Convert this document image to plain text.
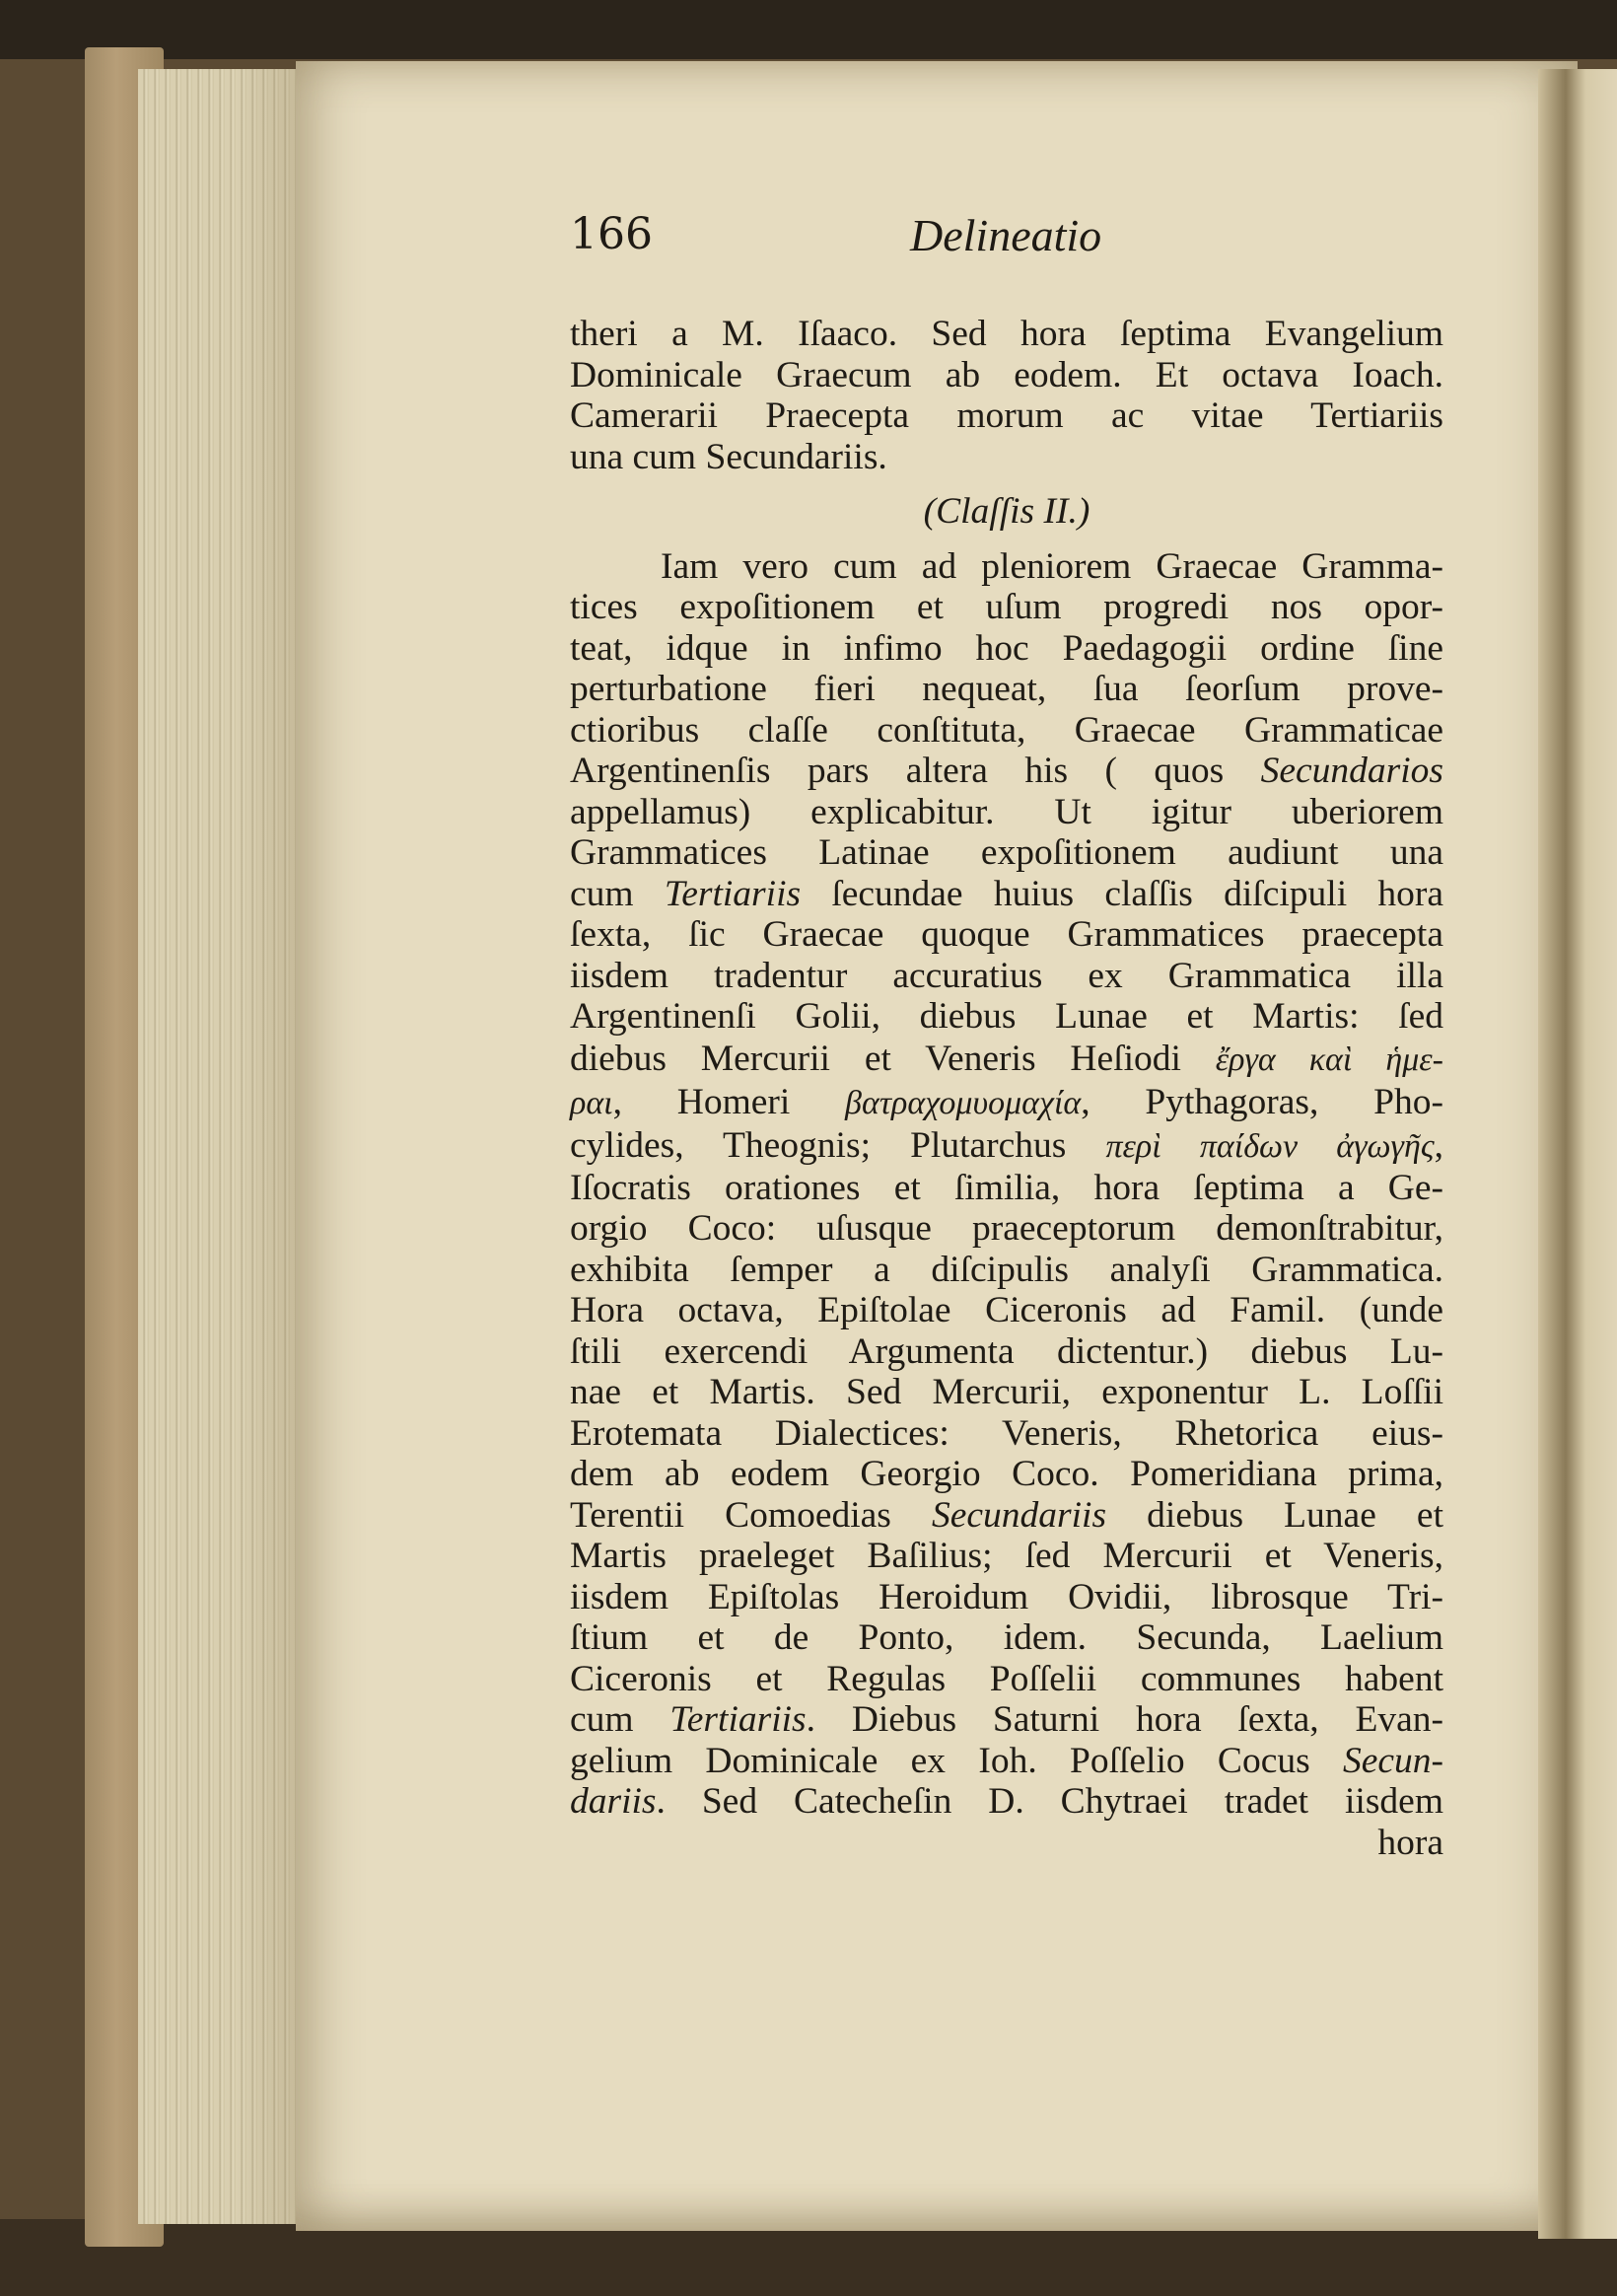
166	Delineatio
theri a M. Iſaaco. Sed hora ſeptima Evangelium
Dominicale Graecum ab eodem. Et octava Ioach.
Camerarii Praecepta morum ac vitae Tertiariis
una cum Secundariis.
(Claſſis II.)
Iam vero cum ad pleniorem Graecae Gramma-
tices expoſitionem et uſum progredi nos opor-
teat, idque in infimo hoc Paedagogii ordine ſine
perturbatione fieri nequeat, ſua ſeorſum prove-
ctioribus claſſe conſtituta, Graecae Grammaticae
Argentinenſis pars altera his ( quos Secundarios
appellamus) explicabitur. Ut igitur uberiorem
Grammatices Latinae expoſitionem audiunt una
cum Tertiariis ſecundae huius claſſis diſcipuli hora
ſexta, ſic Graecae quoque Grammatices praecepta
iisdem tradentur accuratius ex Grammatica illa
Argentinenſi Golii, diebus Lunae et Martis: ſed
diebus Mercurii et Veneris Heſiodi ἔργα καὶ ἡμε-
ραι, Homeri βατραχομυομαχία, Pythagoras, Pho-
cylides, Theognis; Plutarchus περὶ παίδων ἀγωγῆς,
Iſocratis orationes et ſimilia, hora ſeptima a Ge-
orgio Coco: uſusque praeceptorum demonſtrabitur,
exhibita ſemper a diſcipulis analyſi Grammatica.
Hora octava, Epiſtolae Ciceronis ad Famil. (unde
ſtili exercendi Argumenta dictentur.) diebus Lu-
nae et Martis. Sed Mercurii, exponentur L. Loſſii
Erotemata Dialectices: Veneris, Rhetorica eius-
dem ab eodem Georgio Coco. Pomeridiana prima,
Terentii Comoedias Secundariis diebus Lunae et
Martis praeleget Baſilius; ſed Mercurii et Veneris,
iisdem Epiſtolas Heroidum Ovidii, librosque Tri-
ſtium et de Ponto, idem. Secunda, Laelium
Ciceronis et Regulas Poſſelii communes habent
cum Tertiariis. Diebus Saturni hora ſexta, Evan-
gelium Dominicale ex Ioh. Poſſelio Cocus Secun-
dariis. Sed Catecheſin D. Chytraei tradet iisdem
hora
